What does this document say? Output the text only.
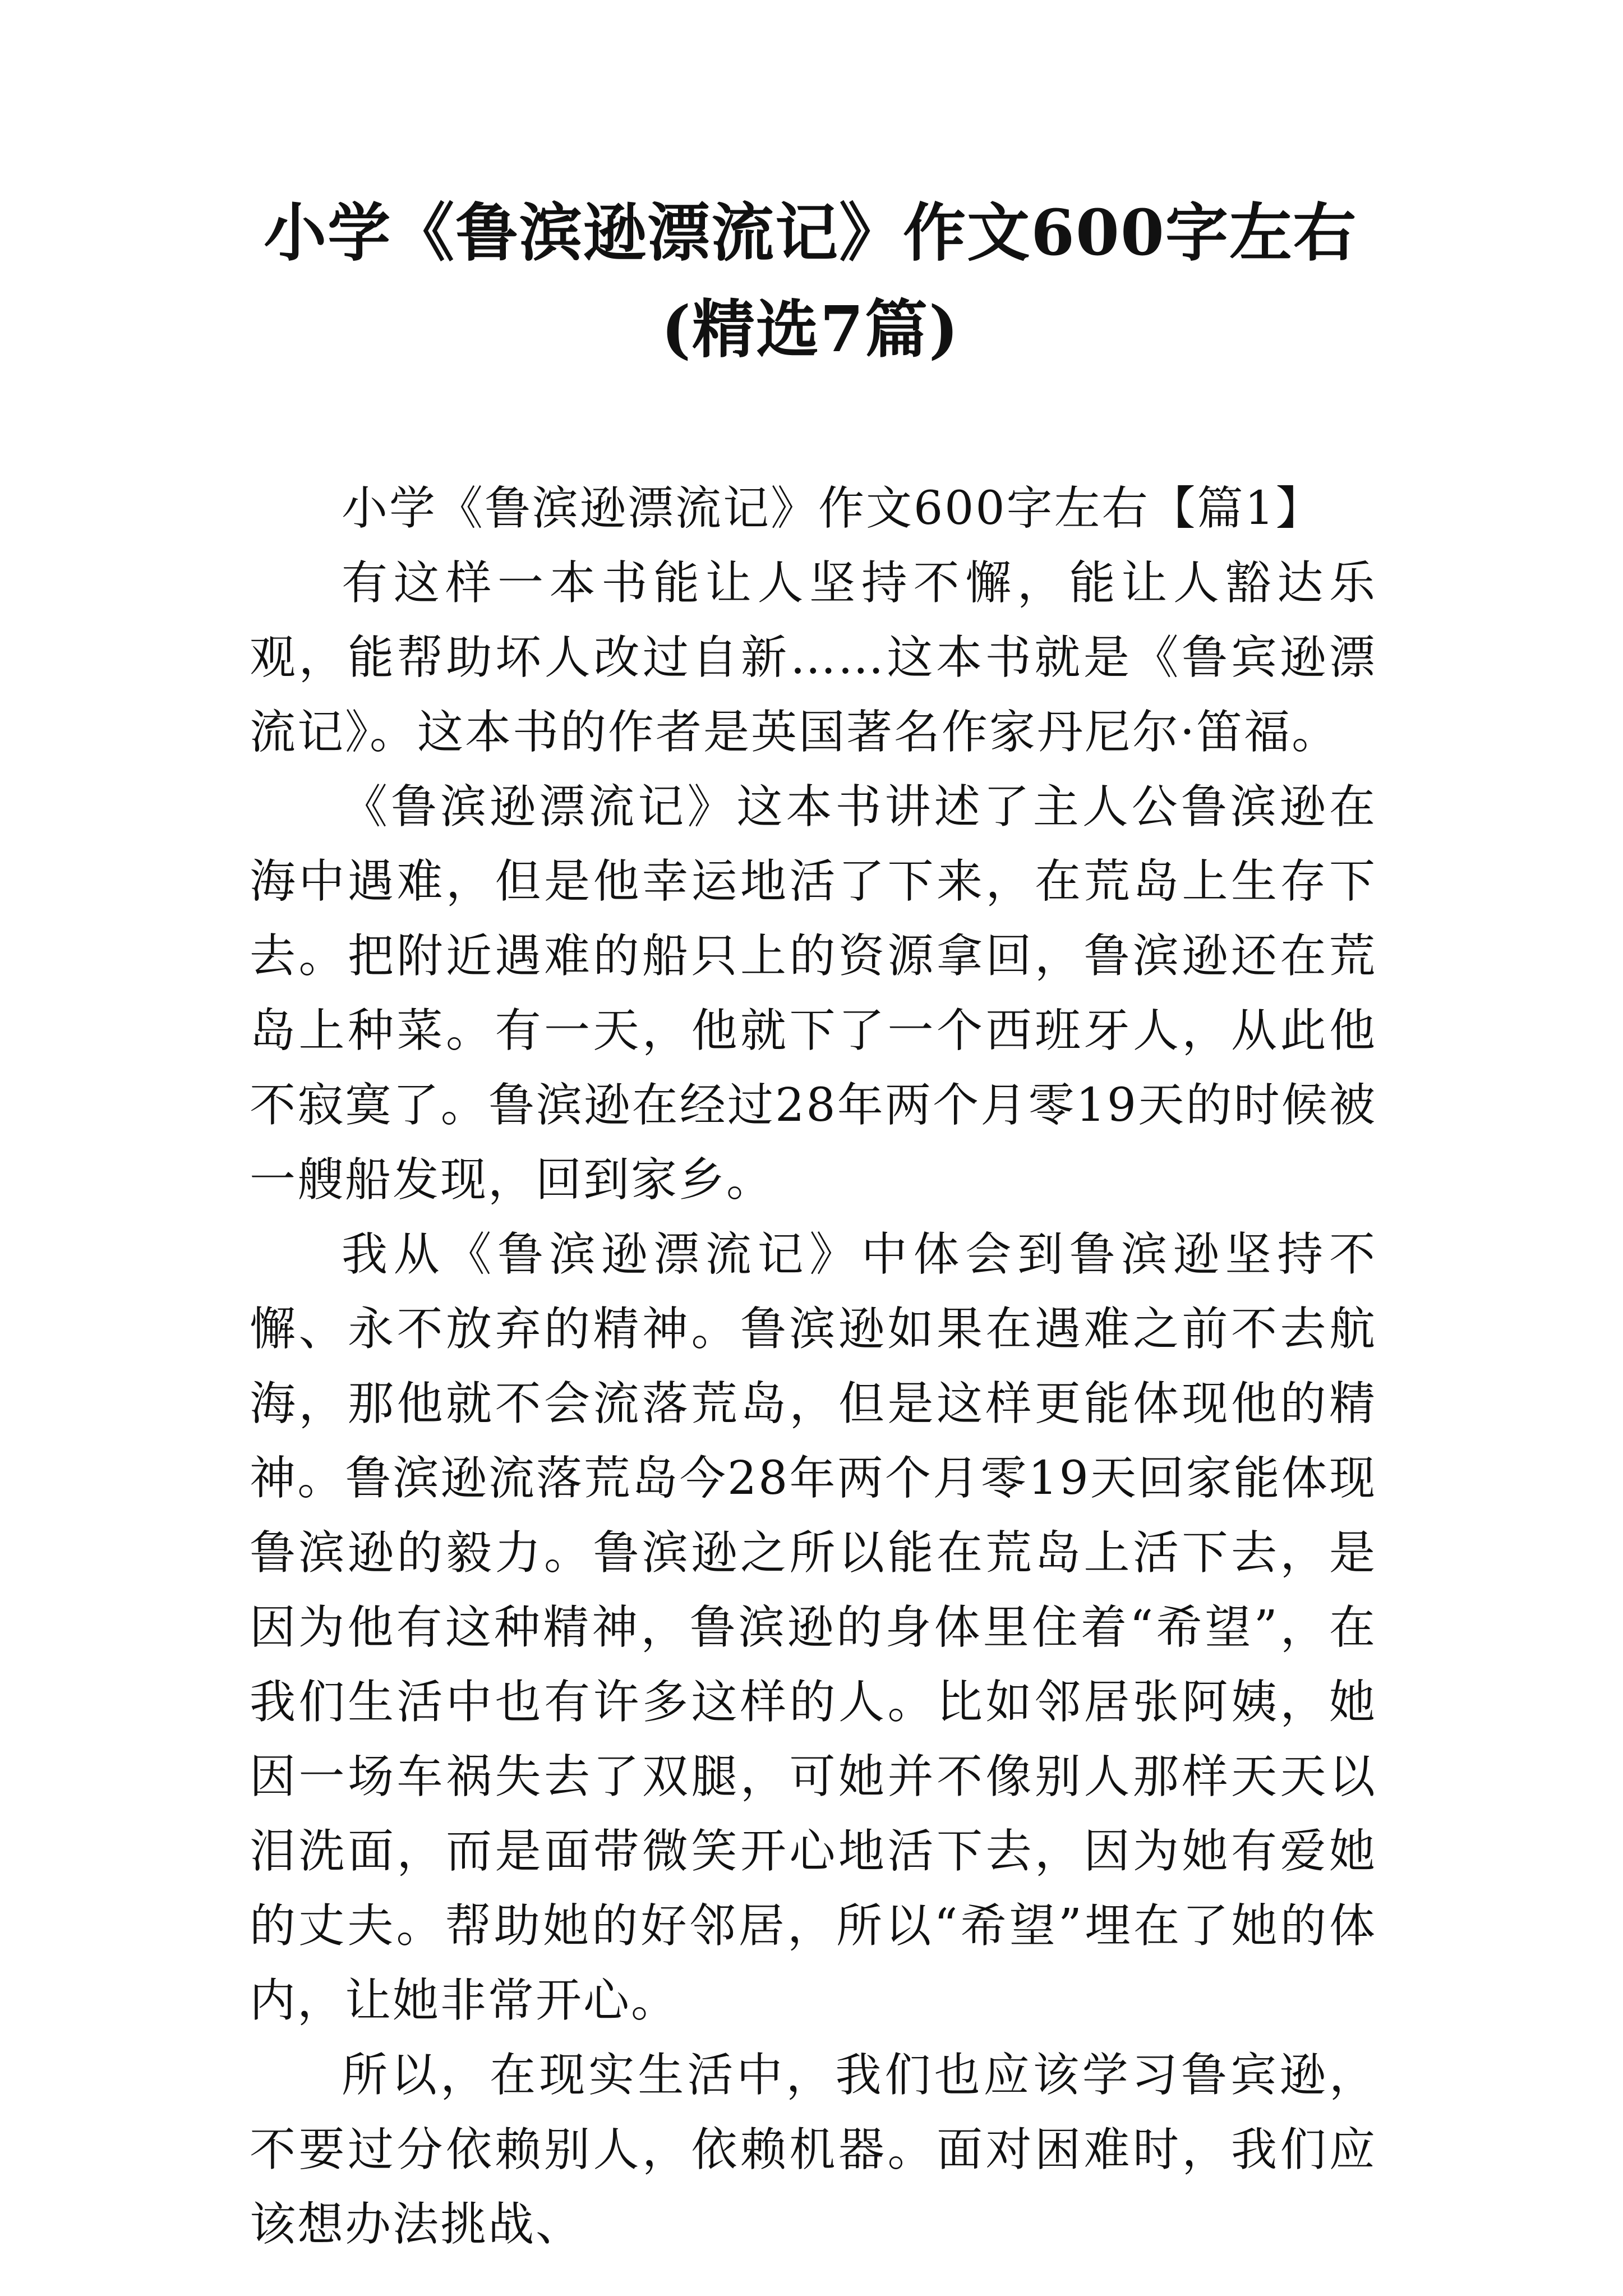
小学《鲁滨逊漂流记》作文600字左右(精选7篇)

小学《鲁滨逊漂流记》作文600字左右【篇1】

有这样一本书能让人坚持不懈，能让人豁达乐观，能帮助坏人改过自新……这本书就是《鲁宾逊漂流记》。这本书的作者是英国著名作家丹尼尔·笛福。

《鲁滨逊漂流记》这本书讲述了主人公鲁滨逊在海中遇难，但是他幸运地活了下来，在荒岛上生存下去。把附近遇难的船只上的资源拿回，鲁滨逊还在荒岛上种菜。有一天，他就下了一个西班牙人，从此他不寂寞了。鲁滨逊在经过28年两个月零19天的时候被一艘船发现，回到家乡。

我从《鲁滨逊漂流记》中体会到鲁滨逊坚持不懈、永不放弃的精神。鲁滨逊如果在遇难之前不去航海，那他就不会流落荒岛，但是这样更能体现他的精神。鲁滨逊流落荒岛今28年两个月零19天回家能体现鲁滨逊的毅力。鲁滨逊之所以能在荒岛上活下去，是因为他有这种精神，鲁滨逊的身体里住着“希望”，在我们生活中也有许多这样的人。比如邻居张阿姨，她因一场车祸失去了双腿，可她并不像别人那样天天以泪洗面，而是面带微笑开心地活下去，因为她有爱她的丈夫。帮助她的好邻居，所以“希望”埋在了她的体内，让她非常开心。

所以，在现实生活中，我们也应该学习鲁宾逊，不要过分依赖别人，依赖机器。面对困难时，我们应该想办法挑战、
